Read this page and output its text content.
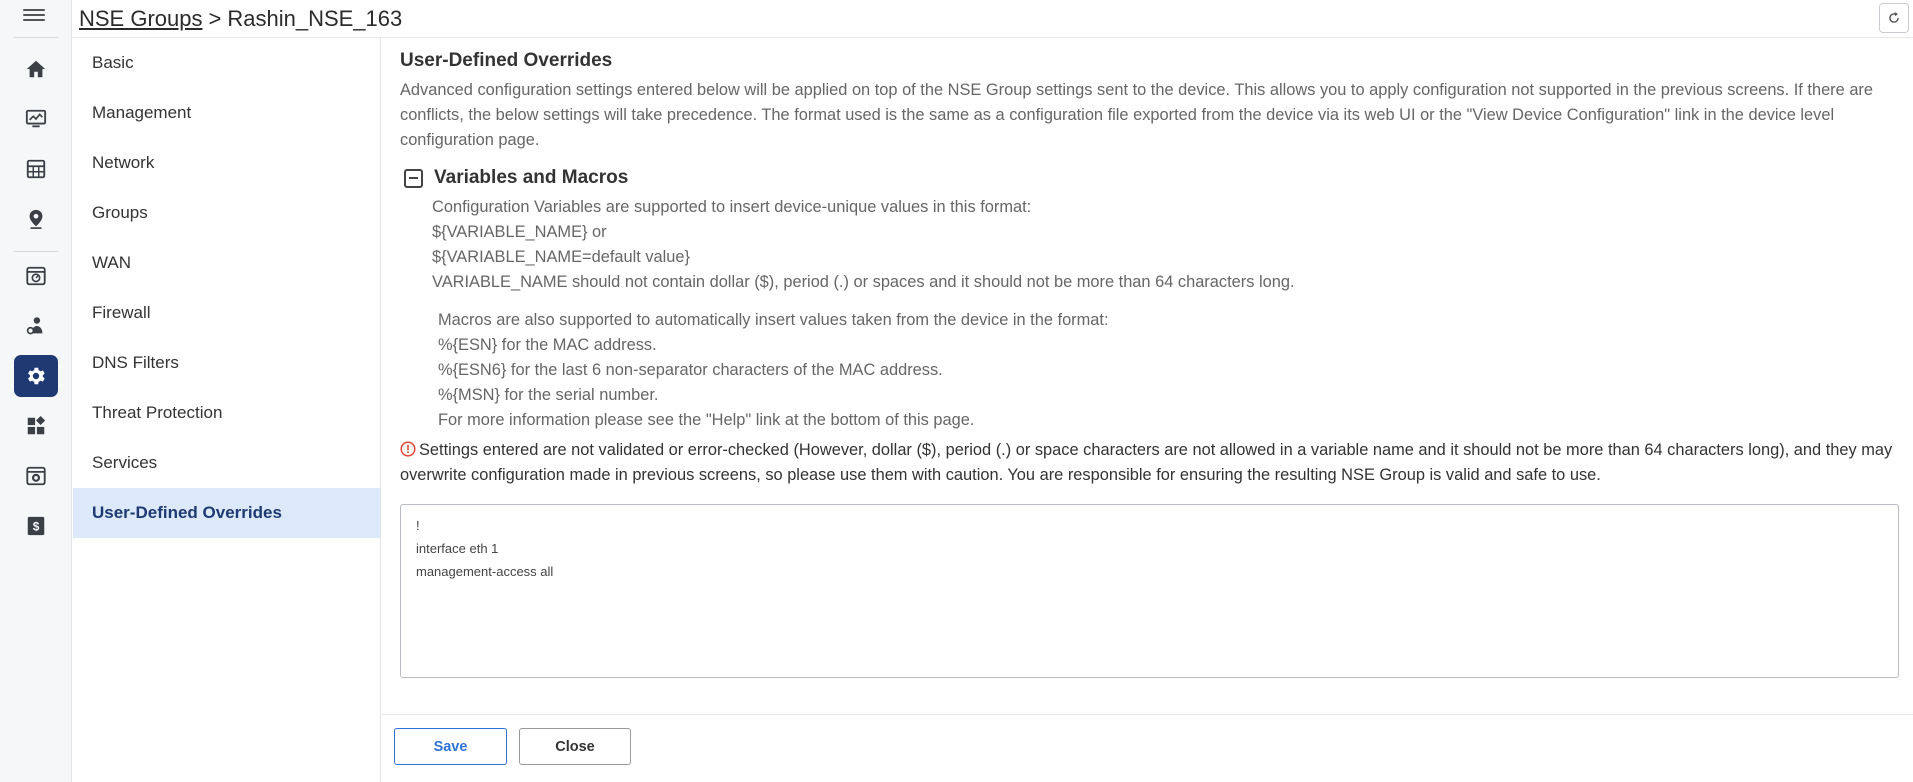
$
NSE Groups > Rashin_NSE_163
Basic
Management
Network
Groups
WAN
Firewall
DNS Filters
Threat Protection
Services
User-Defined Overrides
User-Defined Overrides
Advanced configuration settings entered below will be applied on top of the NSE Group settings sent to the device. This allows you to apply configuration not supported in the previous screens. If there are conflicts, the below settings will take precedence. The format used is the same as a configuration file exported from the device via its web UI or the "View Device Configuration" link in the device level configuration page.
Variables and Macros
Configuration Variables are supported to insert device-unique values in this format:
${VARIABLE_NAME} or
${VARIABLE_NAME=default value}
VARIABLE_NAME should not contain dollar ($), period (.) or spaces and it should not be more than 64 characters long.
Macros are also supported to automatically insert values taken from the device in the format:
%{ESN} for the MAC address.
%{ESN6} for the last 6 non-separator characters of the MAC address.
%{MSN} for the serial number.
For more information please see the "Help" link at the bottom of this page.
Settings entered are not validated or error-checked (However, dollar ($), period (.) or space characters are not allowed in a variable name and it should not be more than 64 characters long), and they may overwrite configuration made in previous screens, so please use them with caution. You are responsible for ensuring the resulting NSE Group is valid and safe to use.
! interface eth 1 management-access all
Save	Close
